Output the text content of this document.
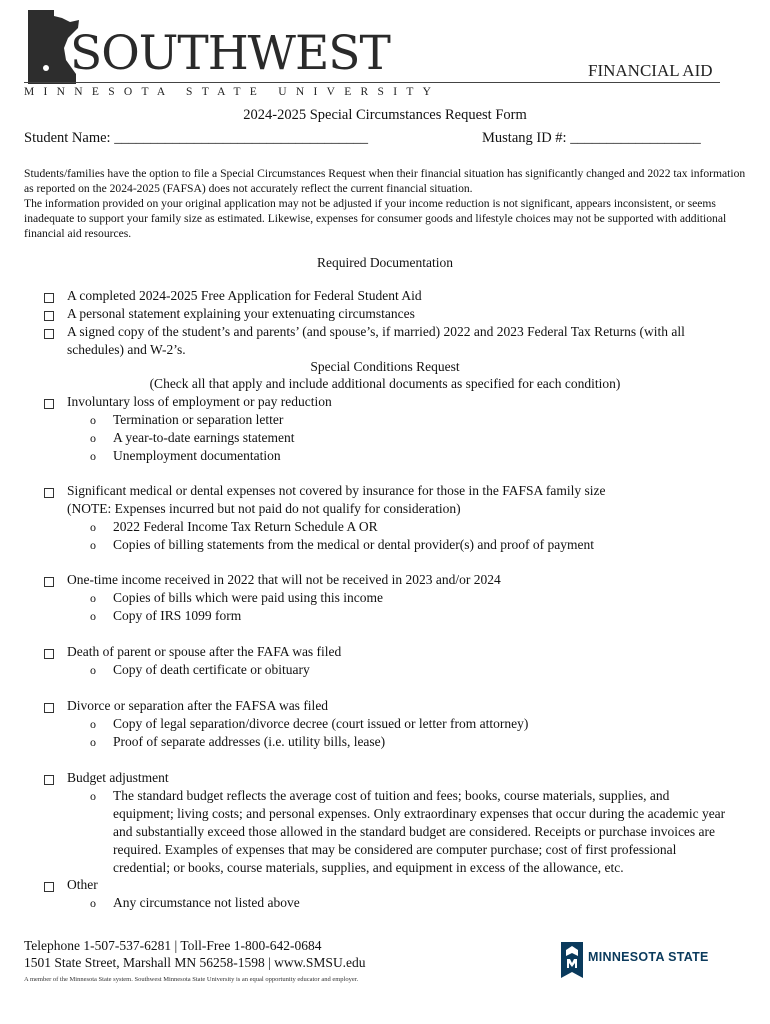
SOUTHWEST
MINNESOTA STATE UNIVERSITY
FINANCIAL AID
2024-2025 Special Circumstances Request Form
Student Name: ___________________________________	Mustang ID #: __________________
Students/families have the option to file a Special Circumstances Request when their financial situation has significantly changed and 2022 tax information as reported on the 2024-2025 (FAFSA) does not accurately reflect the current financial situation.
The information provided on your original application may not be adjusted if your income reduction is not significant, appears inconsistent, or seems inadequate to support your family size as estimated. Likewise, expenses for consumer goods and lifestyle choices may not be supported with additional financial aid resources.
Required Documentation
A completed 2024-2025 Free Application for Federal Student Aid
A personal statement explaining your extenuating circumstances
A signed copy of the student’s and parents’ (and spouse’s, if married) 2022 and 2023 Federal Tax Returns (with all
schedules) and W-2’s.
Special Conditions Request
(Check all that apply and include additional documents as specified for each condition)
Involuntary loss of employment or pay reduction
o Termination or separation letter
o A year-to-date earnings statement
o Unemployment documentation
Significant medical or dental expenses not covered by insurance for those in the FAFSA family size
(NOTE: Expenses incurred but not paid do not qualify for consideration)
o 2022 Federal Income Tax Return Schedule A OR
o Copies of billing statements from the medical or dental provider(s) and proof of payment
One-time income received in 2022 that will not be received in 2023 and/or 2024
o Copies of bills which were paid using this income
o Copy of IRS 1099 form
Death of parent or spouse after the FAFA was filed
o Copy of death certificate or obituary
Divorce or separation after the FAFSA was filed
o Copy of legal separation/divorce decree (court issued or letter from attorney)
o Proof of separate addresses (i.e. utility bills, lease)
Budget adjustment
o The standard budget reflects the average cost of tuition and fees; books, course materials, supplies, and
equipment; living costs; and personal expenses. Only extraordinary expenses that occur during the academic year
and substantially exceed those allowed in the standard budget are considered. Receipts or purchase invoices are
required. Examples of expenses that may be considered are computer purchase; cost of first professional
credential; or books, course materials, supplies, and equipment in excess of the allowance, etc.
Other
o Any circumstance not listed above
Telephone 1-507-537-6281 | Toll-Free 1-800-642-0684
1501 State Street, Marshall MN 56258-1598 | www.SMSU.edu
A member of the Minnesota State system. Southwest Minnesota State University is an equal opportunity educator and employer.
MINNESOTA STATE
